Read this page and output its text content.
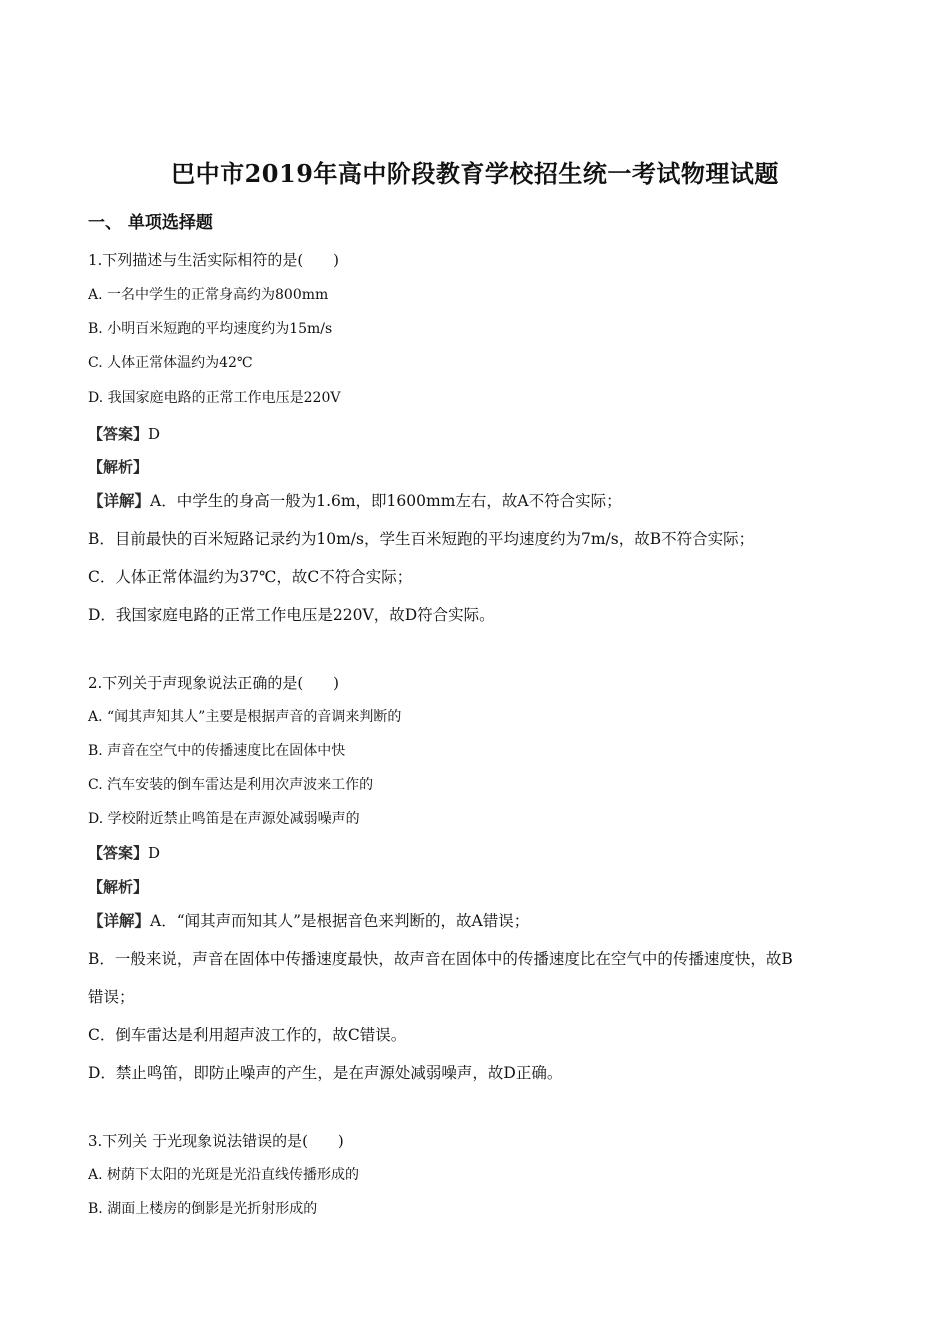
巴中市2019年高中阶段教育学校招生统一考试物理试题
一、 单项选择题
1.下列描述与生活实际相符的是(　　)
A. 一名中学生的正常身高约为800mm
B. 小明百米短跑的平均速度约为15m/s
C. 人体正常体温约为42℃
D. 我国家庭电路的正常工作电压是220V
【答案】D
【解析】
【详解】A．中学生的身高一般为1.6m，即1600mm左右，故A不符合实际；
B．目前最快的百米短路记录约为10m/s，学生百米短跑的平均速度约为7m/s，故B不符合实际；
C．人体正常体温约为37℃，故C不符合实际；
D．我国家庭电路的正常工作电压是220V，故D符合实际。
2.下列关于声现象说法正确的是(　　)
A. “闻其声知其人”主要是根据声音的音调来判断的
B. 声音在空气中的传播速度比在固体中快
C. 汽车安装的倒车雷达是利用次声波来工作的
D. 学校附近禁止鸣笛是在声源处减弱噪声的
【答案】D
【解析】
【详解】A．“闻其声而知其人”是根据音色来判断的，故A错误；
B．一般来说，声音在固体中传播速度最快，故声音在固体中的传播速度比在空气中的传播速度快，故B
错误；
C．倒车雷达是利用超声波工作的，故C错误。
D．禁止鸣笛，即防止噪声的产生，是在声源处减弱噪声，故D正确。
3.下列关 于光现象说法错误的是(　　)
A. 树荫下太阳的光斑是光沿直线传播形成的
B. 湖面上楼房的倒影是光折射形成的
